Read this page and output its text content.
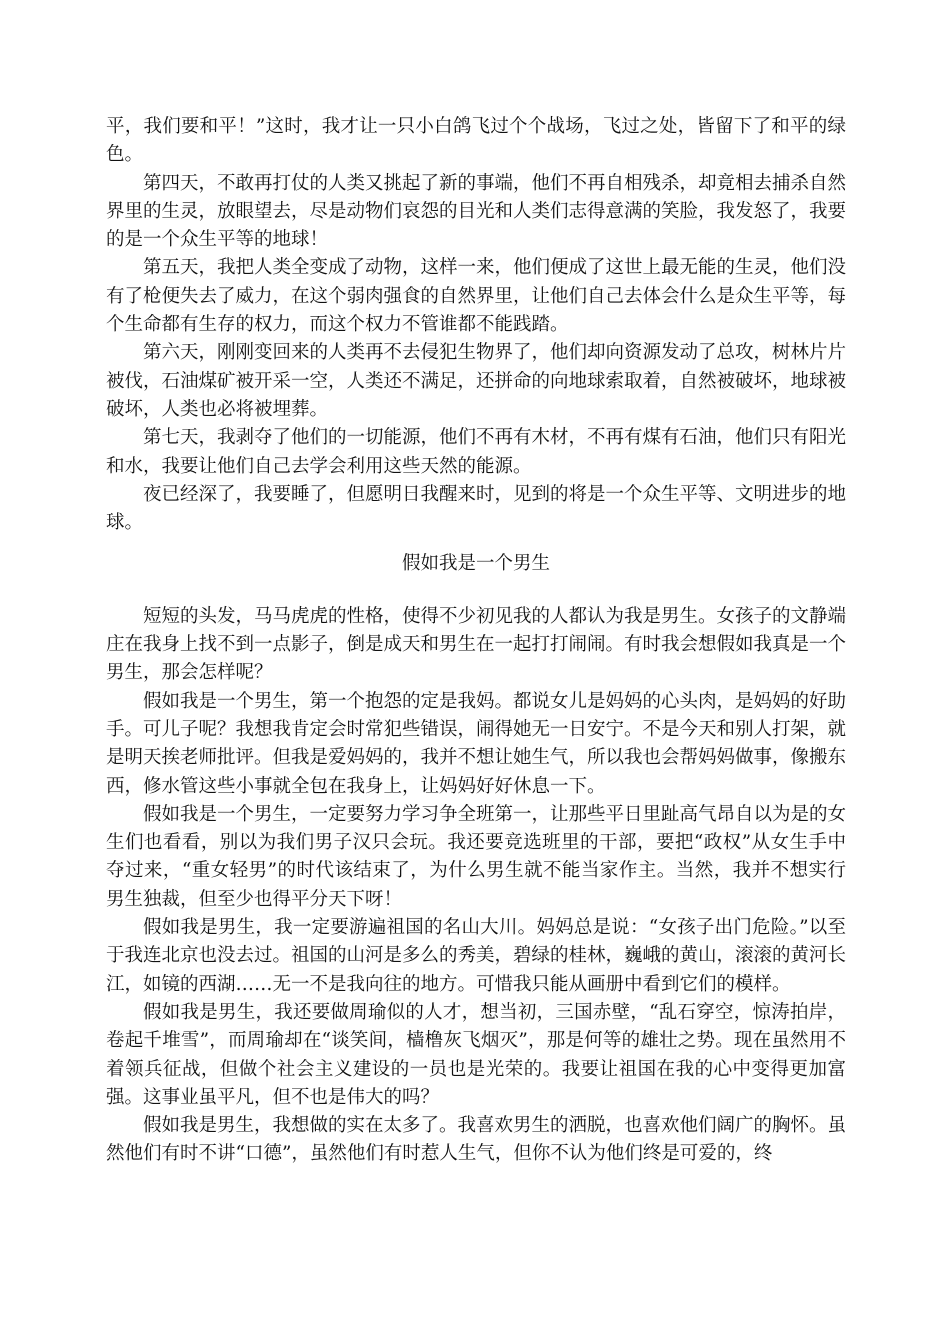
平，我们要和平！”这时，我才让一只小白鸽飞过个个战场，飞过之处，皆留下了和平的绿色。

第四天，不敢再打仗的人类又挑起了新的事端，他们不再自相残杀，却竟相去捕杀自然界里的生灵，放眼望去，尽是动物们哀怨的目光和人类们志得意满的笑脸，我发怒了，我要的是一个众生平等的地球！

第五天，我把人类全变成了动物，这样一来，他们便成了这世上最无能的生灵，他们没有了枪便失去了威力，在这个弱肉强食的自然界里，让他们自己去体会什么是众生平等，每个生命都有生存的权力，而这个权力不管谁都不能践踏。

第六天，刚刚变回来的人类再不去侵犯生物界了，他们却向资源发动了总攻，树林片片被伐，石油煤矿被开采一空，人类还不满足，还拼命的向地球索取着，自然被破坏，地球被破坏，人类也必将被埋葬。

第七天，我剥夺了他们的一切能源，他们不再有木材，不再有煤有石油，他们只有阳光和水，我要让他们自己去学会利用这些天然的能源。

夜已经深了，我要睡了，但愿明日我醒来时，见到的将是一个众生平等、文明进步的地球。

假如我是一个男生

短短的头发，马马虎虎的性格，使得不少初见我的人都认为我是男生。女孩子的文静端庄在我身上找不到一点影子，倒是成天和男生在一起打打闹闹。有时我会想假如我真是一个男生，那会怎样呢？

假如我是一个男生，第一个抱怨的定是我妈。都说女儿是妈妈的心头肉，是妈妈的好助手。可儿子呢？我想我肯定会时常犯些错误，闹得她无一日安宁。不是今天和别人打架，就是明天挨老师批评。但我是爱妈妈的，我并不想让她生气，所以我也会帮妈妈做事，像搬东西，修水管这些小事就全包在我身上，让妈妈好好休息一下。

假如我是一个男生，一定要努力学习争全班第一，让那些平日里趾高气昂自以为是的女生们也看看，别以为我们男子汉只会玩。我还要竞选班里的干部，要把“政权”从女生手中夺过来，“重女轻男”的时代该结束了，为什么男生就不能当家作主。当然，我并不想实行男生独裁，但至少也得平分天下呀！

假如我是男生，我一定要游遍祖国的名山大川。妈妈总是说：“女孩子出门危险。”以至于我连北京也没去过。祖国的山河是多么的秀美，碧绿的桂林，巍峨的黄山，滚滚的黄河长江，如镜的西湖……无一不是我向往的地方。可惜我只能从画册中看到它们的模样。

假如我是男生，我还要做周瑜似的人才，想当初，三国赤壁，“乱石穿空，惊涛拍岸，卷起千堆雪”，而周瑜却在“谈笑间，樯橹灰飞烟灭”，那是何等的雄壮之势。现在虽然用不着领兵征战，但做个社会主义建设的一员也是光荣的。我要让祖国在我的心中变得更加富强。这事业虽平凡，但不也是伟大的吗？

假如我是男生，我想做的实在太多了。我喜欢男生的洒脱，也喜欢他们阔广的胸怀。虽然他们有时不讲“口德”，虽然他们有时惹人生气，但你不认为他们终是可爱的，终
